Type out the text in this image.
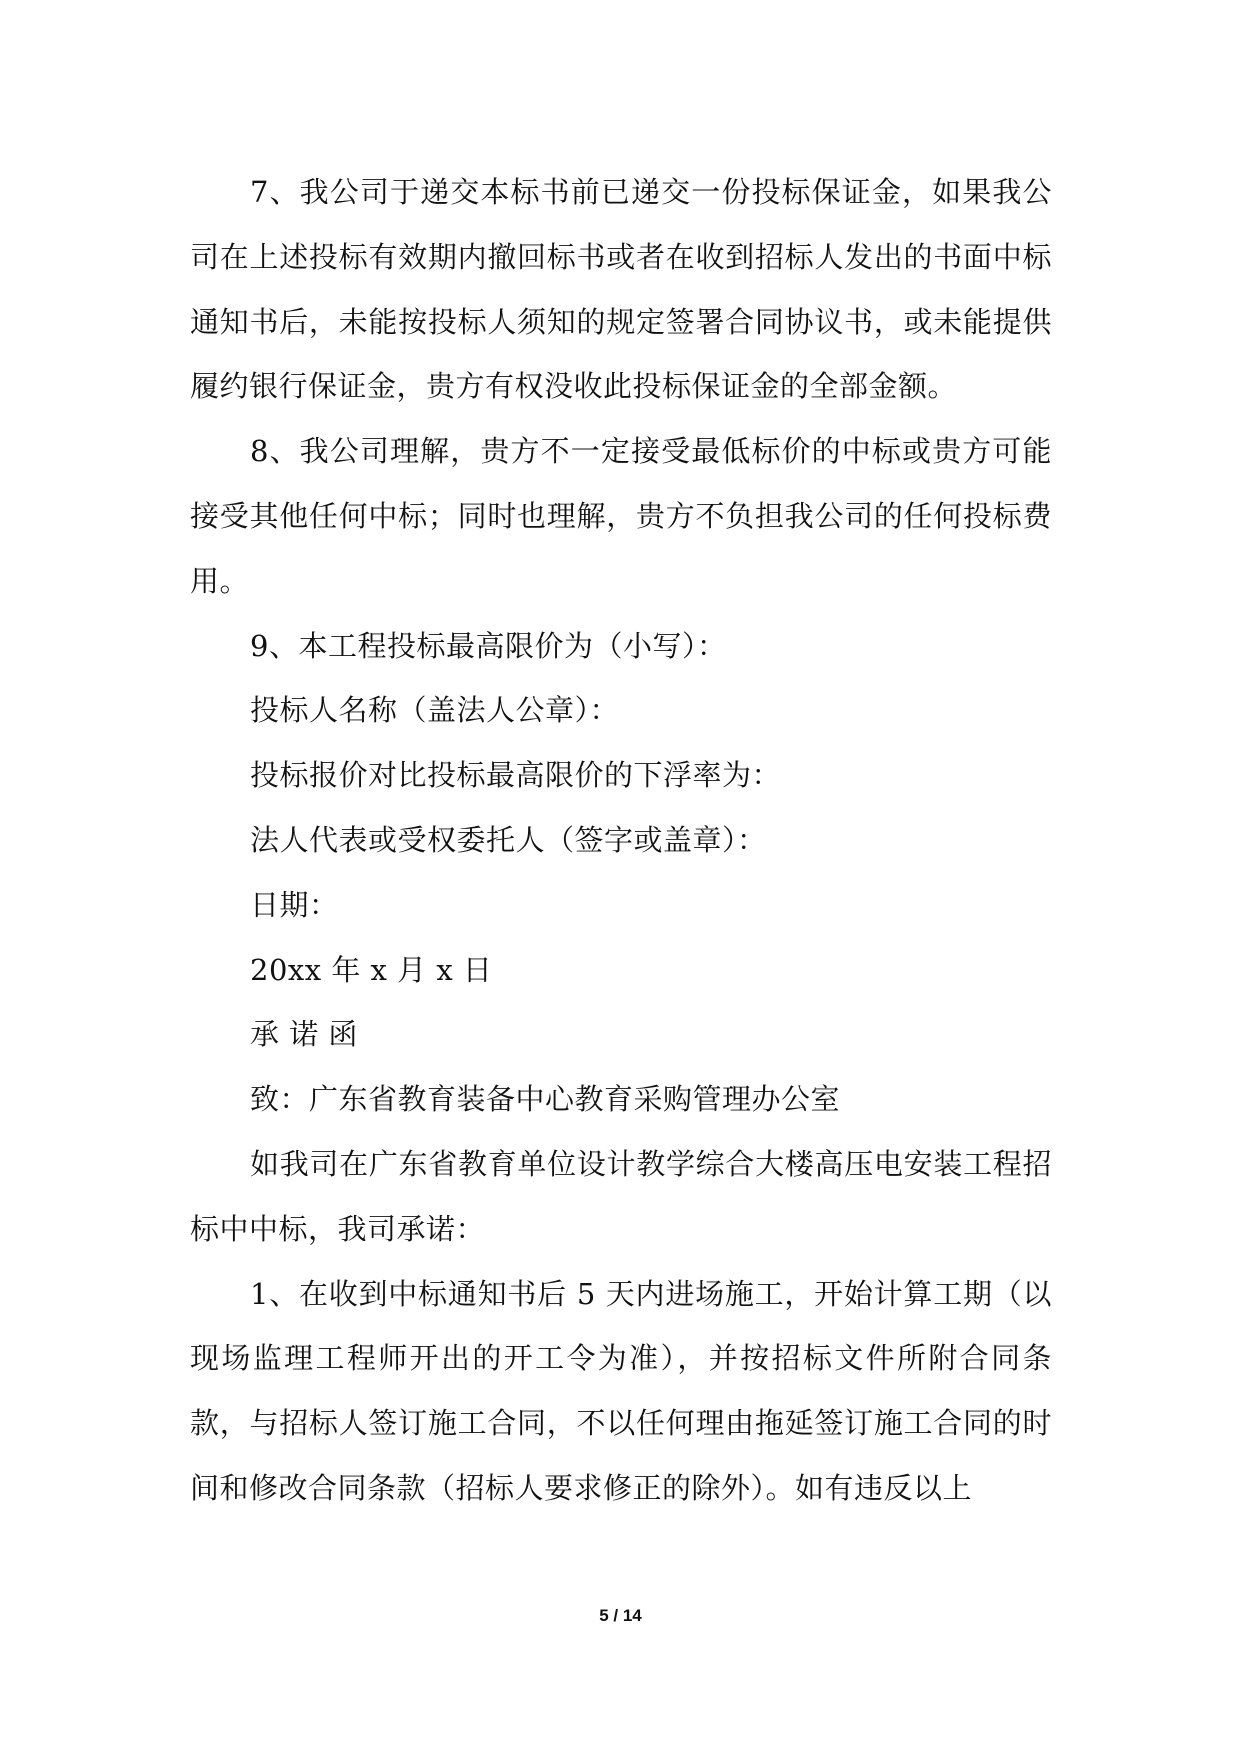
7、我公司于递交本标书前已递交一份投标保证金，如果我公司在上述投标有效期内撤回标书或者在收到招标人发出的书面中标通知书后，未能按投标人须知的规定签署合同协议书，或未能提供履约银行保证金，贵方有权没收此投标保证金的全部金额。

8、我公司理解，贵方不一定接受最低标价的中标或贵方可能接受其他任何中标；同时也理解，贵方不负担我公司的任何投标费用。

9、本工程投标最高限价为（小写）：

投标人名称（盖法人公章）：

投标报价对比投标最高限价的下浮率为：

法人代表或受权委托人（签字或盖章）：

日期：

20xx 年 x 月 x 日

承 诺 函

致：广东省教育装备中心教育采购管理办公室

如我司在广东省教育单位设计教学综合大楼高压电安装工程招标中中标，我司承诺：

1、在收到中标通知书后 5 天内进场施工，开始计算工期（以现场监理工程师开出的开工令为准），并按招标文件所附合同条款，与招标人签订施工合同，不以任何理由拖延签订施工合同的时间和修改合同条款（招标人要求修正的除外）。如有违反以上

5 / 14
